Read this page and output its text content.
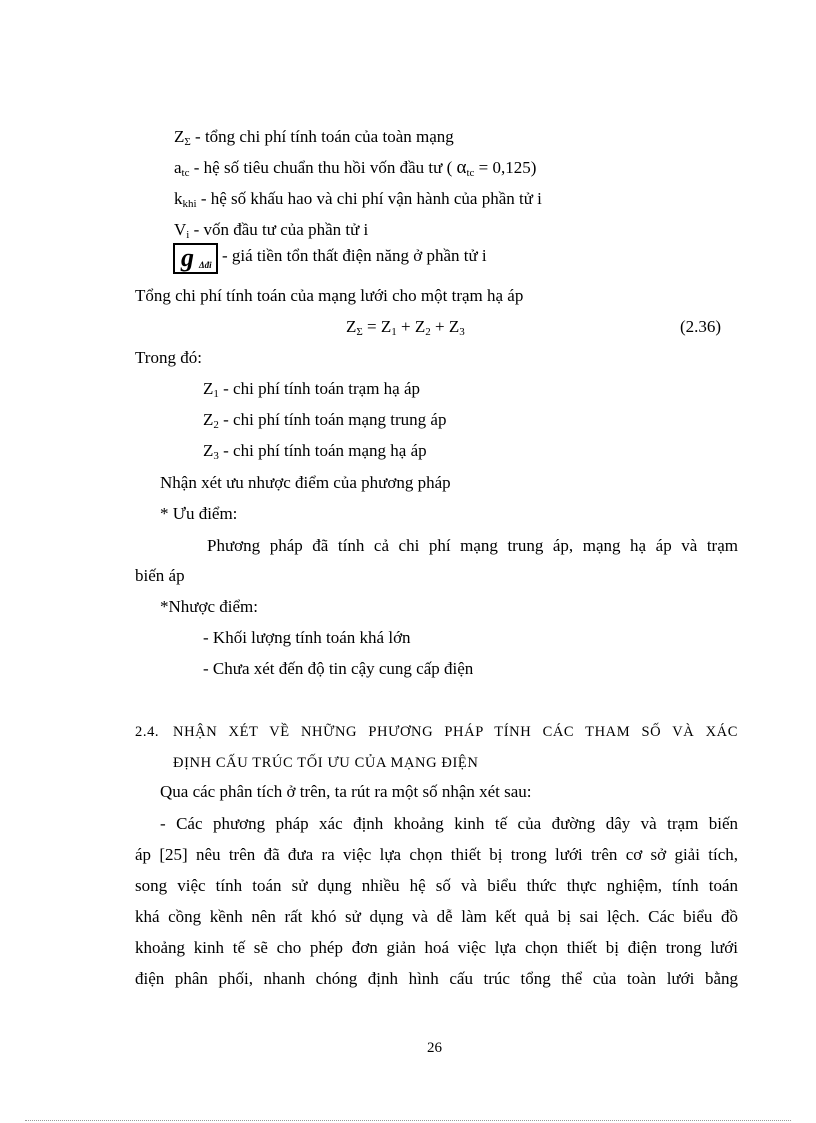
$Z_\Sigma$ - tổng chi phí tính toán của toàn mạng
$a_{tc}$ - hệ số tiêu chuẩn thu hồi vốn đầu tư ( $\alpha_{tc} = 0,125$)
$k_{khi}$ - hệ số khấu hao và chi phí vận hành của phần tử i
$V_i$ - vốn đầu tư của phần tử i
g Δđi - giá tiền tổn thất điện năng ở phần tử i
Tổng chi phí tính toán của mạng lưới cho một trạm hạ áp
$Z_\Sigma = Z_1 + Z_2 + Z_3$	(2.36)
Trong đó:
$Z_1$ - chi phí tính toán trạm hạ áp
$Z_2$ - chi phí tính toán mạng trung áp
$Z_3$ - chi phí tính toán mạng hạ áp
Nhận xét ưu nhược điểm của phương pháp
* Ưu điểm:
Phương pháp đã tính cả chi phí mạng trung áp, mạng hạ áp và trạm
biến áp
*Nhược điểm:
- Khối lượng tính toán khá lớn
- Chưa xét đến độ tin cậy cung cấp điện
2.4. NHẬN XÉT VỀ NHỮNG PHƯƠNG PHÁP TÍNH CÁC THAM SỐ VÀ XÁC
ĐỊNH CẤU TRÚC TỐI ƯU CỦA MẠNG ĐIỆN
Qua các phân tích ở trên, ta rút ra một số nhận xét sau:
- Các phương pháp xác định khoảng kinh tế của đường dây và trạm biến
áp [25] nêu trên đã đưa ra việc lựa chọn thiết bị trong lưới trên cơ sở giải tích,
song việc tính toán sử dụng nhiều hệ số và biểu thức thực nghiệm, tính toán
khá cồng kềnh nên rất khó sử dụng và dễ làm kết quả bị sai lệch. Các biểu đồ
khoảng kinh tế sẽ cho phép đơn giản hoá việc lựa chọn thiết bị điện trong lưới
điện phân phối, nhanh chóng định hình cấu trúc tổng thể của toàn lưới bằng
26
